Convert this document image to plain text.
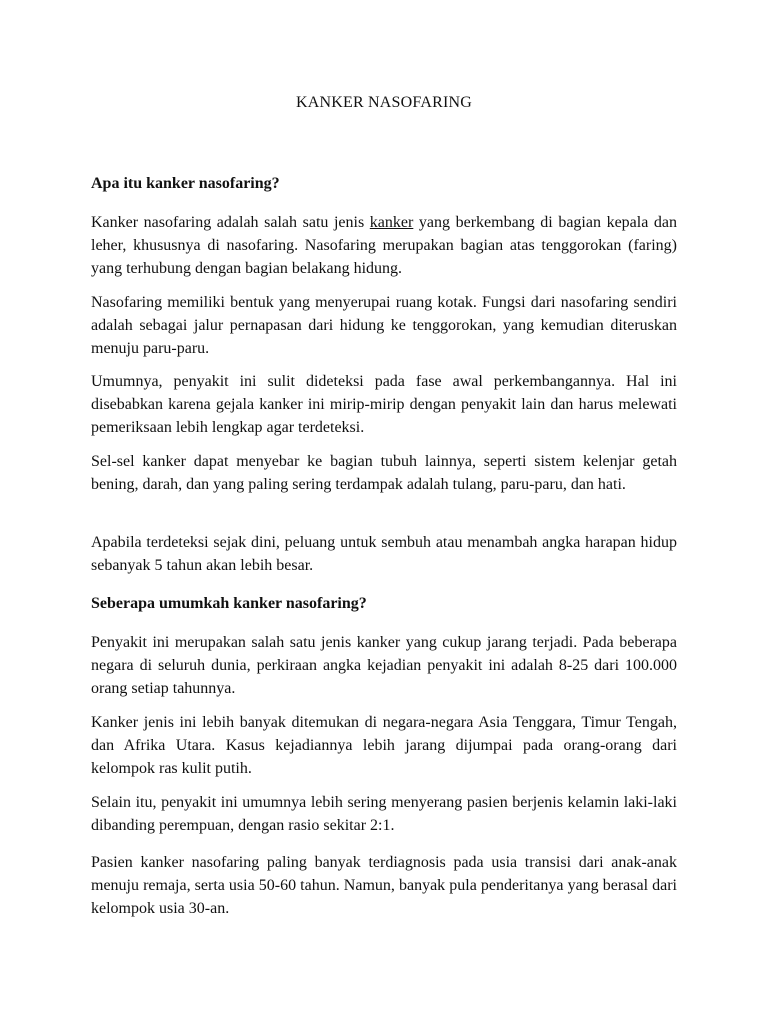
KANKER NASOFARING

Apa itu kanker nasofaring?

Kanker nasofaring adalah salah satu jenis kanker yang berkembang di bagian kepala dan leher, khususnya di nasofaring. Nasofaring merupakan bagian atas tenggorokan (faring) yang terhubung dengan bagian belakang hidung.

Nasofaring memiliki bentuk yang menyerupai ruang kotak. Fungsi dari nasofaring sendiri adalah sebagai jalur pernapasan dari hidung ke tenggorokan, yang kemudian diteruskan menuju paru-paru.

Umumnya, penyakit ini sulit dideteksi pada fase awal perkembangannya. Hal ini disebabkan karena gejala kanker ini mirip-mirip dengan penyakit lain dan harus melewati pemeriksaan lebih lengkap agar terdeteksi.

Sel-sel kanker dapat menyebar ke bagian tubuh lainnya, seperti sistem kelenjar getah bening, darah, dan yang paling sering terdampak adalah tulang, paru-paru, dan hati.

Apabila terdeteksi sejak dini, peluang untuk sembuh atau menambah angka harapan hidup sebanyak 5 tahun akan lebih besar.

Seberapa umumkah kanker nasofaring?

Penyakit ini merupakan salah satu jenis kanker yang cukup jarang terjadi. Pada beberapa negara di seluruh dunia, perkiraan angka kejadian penyakit ini adalah 8-25 dari 100.000 orang setiap tahunnya.

Kanker jenis ini lebih banyak ditemukan di negara-negara Asia Tenggara, Timur Tengah, dan Afrika Utara. Kasus kejadiannya lebih jarang dijumpai pada orang-orang dari kelompok ras kulit putih.

Selain itu, penyakit ini umumnya lebih sering menyerang pasien berjenis kelamin laki-laki dibanding perempuan, dengan rasio sekitar 2:1.

Pasien kanker nasofaring paling banyak terdiagnosis pada usia transisi dari anak-anak menuju remaja, serta usia 50-60 tahun. Namun, banyak pula penderitanya yang berasal dari kelompok usia 30-an.
